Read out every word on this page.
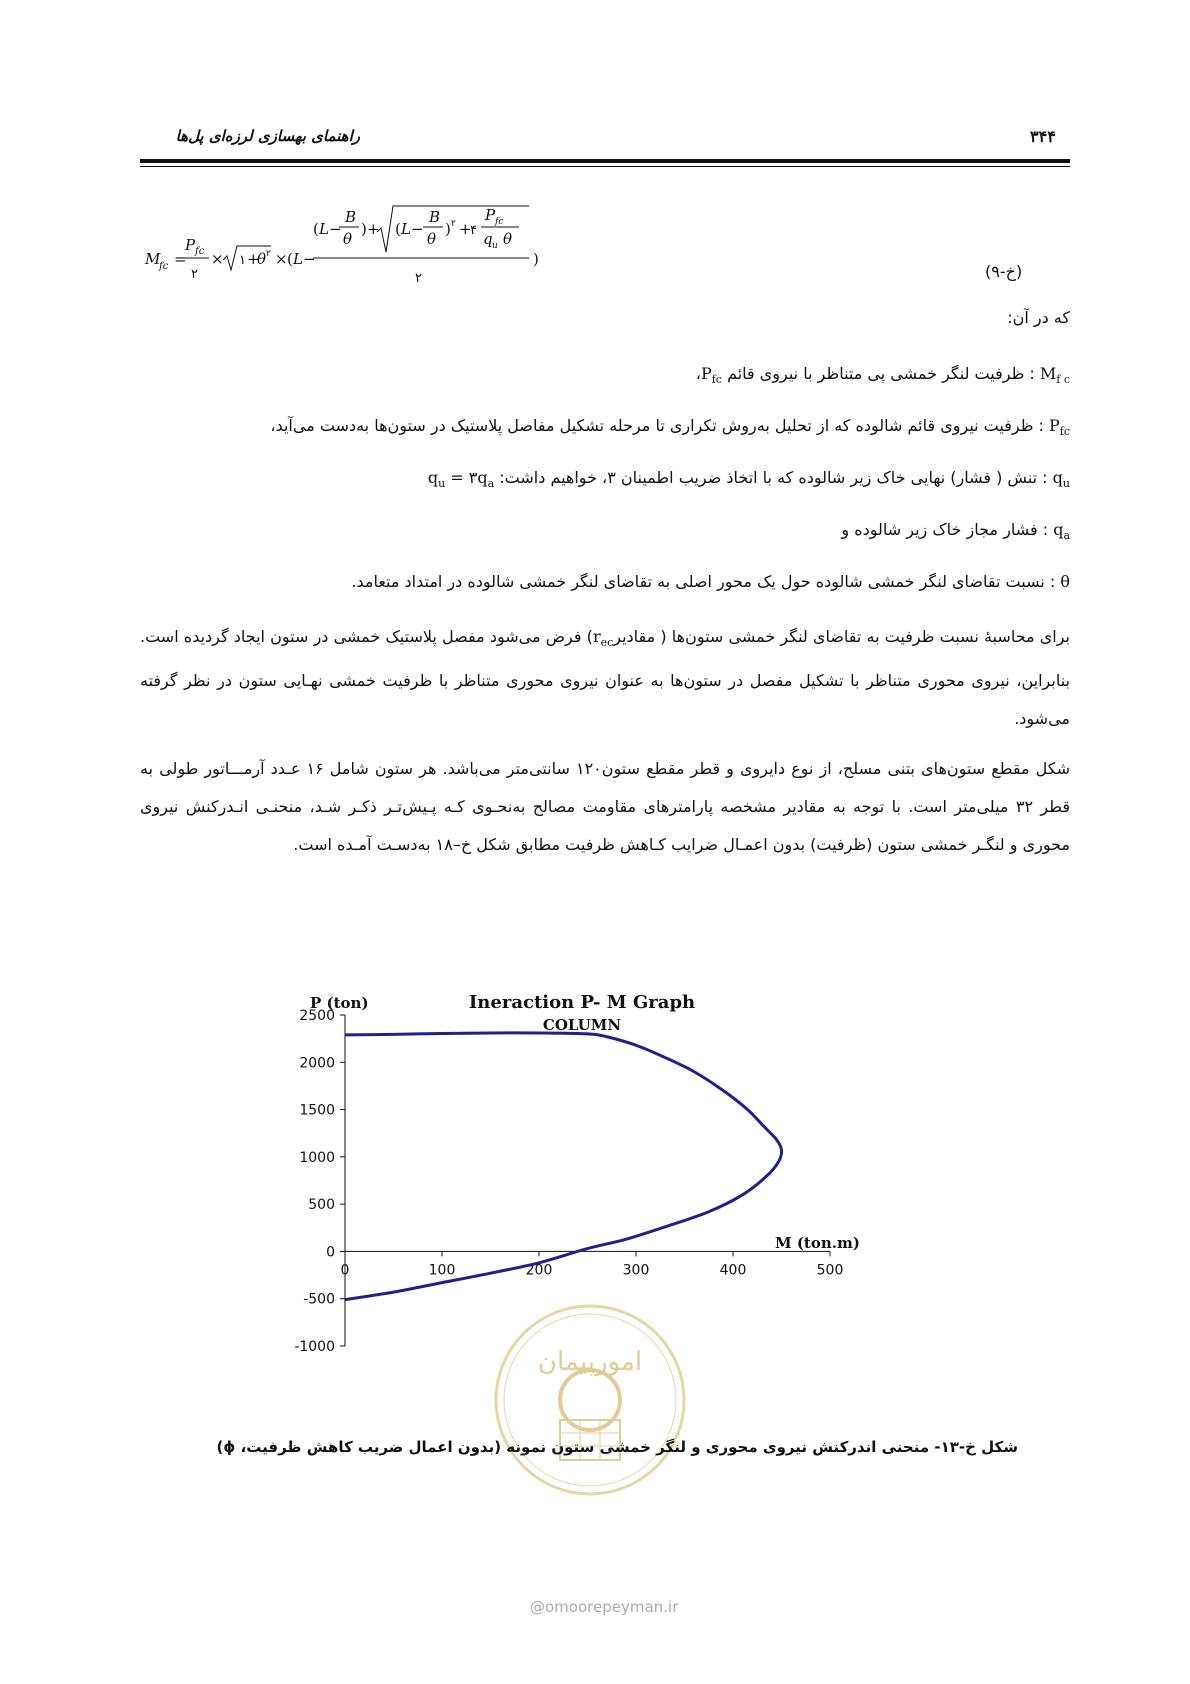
راهنمای بهسازی لرزه‌ای پل‌ها	۳۴۴
M
fc =
P fc
۲
× ۱ +
θ ۲ × ( L −
۲
( L −
B
θ
) + ( L −
B
θ
) ۲ +
۴
P fc
q u θ
)
(خ-۹)
که در آن:
$M_{f c}$ : ظرفیت لنگر خمشی پی متناظر با نیروی قائم $P_{fc}،$
$P_{fc}$ : ظرفیت نیروی قائم شالوده که از تحلیل به‌روش تکراری تا مرحله تشکیل مفاصل پلاستیک در ستون‌ها به‌دست می‌آید،
$q_u$ : تنش ( فشار) نهایی خاک زیر شالوده که با اتخاذ ضریب اطمینان ۳، خواهیم داشت: $q_u$ = $۳q_a$
$q_a$ : فشار مجاز خاک زیر شالوده و
θ : نسبت تقاضای لنگر خمشی شالوده حول یک محور اصلی به تقاضای لنگر خمشی شالوده در امتداد متعامد.
برای محاسبهٔ نسبت ظرفیت به تقاضای لنگر خمشی ستون‌ها ( مقادیرr$_{ec}$) فرض می‌شود مفصل پلاستیک خمشی در ستون ایجاد گردیده است. بنابراین، نیروی محوری متناظر با تشکیل مفصل در ستون‌ها به عنوان نیروی محوری متناظر با ظرفیت خمشی نهـایی ستون در نظر گرفته می‌شود.
شکل مقطع ستون‌های بتنی مسلح، از نوع دایروی و قطر مقطع ستون۱۲۰ سانتی‌متر می‌باشد. هر ستون شامل ۱۶ عـدد آرمـــاتور طولی به قطر ۳۲ میلی‌متر است. با توجه به مقادیر مشخصه پارامترهای مقاومت مصالح به‌نحـوی کـه پـیش‌تـر ذکـر شـد، منحنـی انـدرکنش نیروی محوری و لنگـر خمشی ستون (ظرفیت) بدون اعمـال ضرایب کـاهش ظرفیت مطابق شکل خ–۱۸ به‌دسـت آمـده است.
Ineraction P- M Graph
COLUMN
P (ton)
M (ton.m)
2500
2000
1500
1000
500
0
-500
-1000
0	100	200	300	400	500
امورپیمان
@omoorepeyman.ir
شکل خ-۱۳- منحنی اندرکنش نیروی محوری و لنگر خمشی ستون نمونه (بدون اعمال ضریب کاهش ظرفیت، ϕ)
